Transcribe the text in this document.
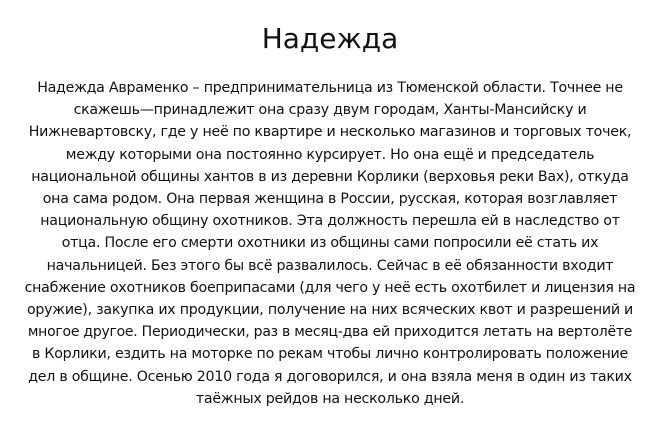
Надежда

Надежда Авраменко – предпринимательница из Тюменской области. Точнее не
скажешь—принадлежит она сразу двум городам, Ханты-Мансийску и
Нижневартовску, где у неё по квартире и несколько магазинов и торговых точек,
между которыми она постоянно курсирует. Но она ещё и председатель
национальной общины хантов в из деревни Корлики (верховья реки Вах), откуда
она сама родом. Она первая женщина в России, русская, которая возглавляет
национальную общину охотников. Эта должность перешла ей в наследство от
отца. После его смерти охотники из общины сами попросили её стать их
начальницей. Без этого бы всё развалилось. Сейчас в её обязанности входит
снабжение охотников боеприпасами (для чего у неё есть охотбилет и лицензия на
оружие), закупка их продукции, получение на них всяческих квот и разрешений и
многое другое. Периодически, раз в месяц-два ей приходится летать на вертолёте
в Корлики, ездить на моторке по рекам чтобы лично контролировать положение
дел в общине. Осенью 2010 года я договорился, и она взяла меня в один из таких
таёжных рейдов на несколько дней.
